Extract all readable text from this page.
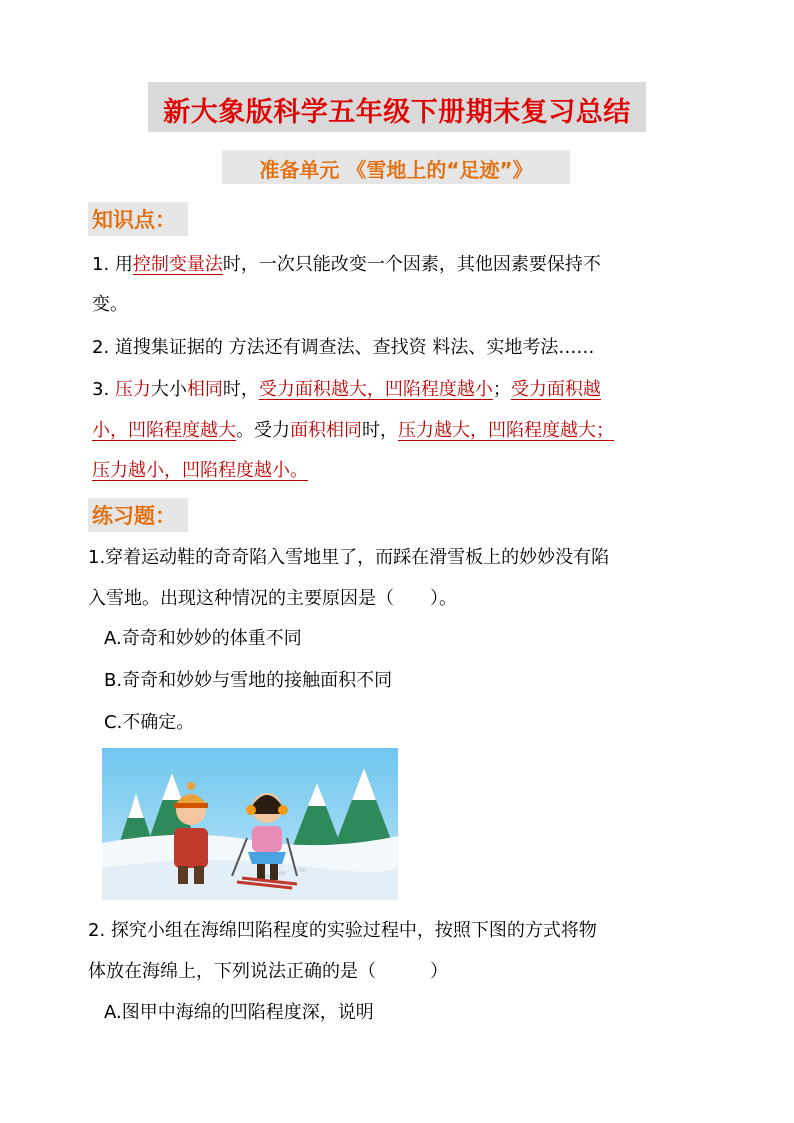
新大象版科学五年级下册期末复习总结
准备单元 《雪地上的“足迹”》
知识点：
1. 用控制变量法时，一次只能改变一个因素，其他因素要保持不
变。
2. 道搜集证据的 方法还有调查法、查找资 料法、实地考法……
3. 压力大小相同时，受力面积越大，凹陷程度越小；受力面积越
小，凹陷程度越大。受力面积相同时，压力越大，凹陷程度越大；
压力越小，凹陷程度越小。
练习题：
1.穿着运动鞋的奇奇陷入雪地里了，而踩在滑雪板上的妙妙没有陷
入雪地。出现这种情况的主要原因是（　　）。
A.奇奇和妙妙的体重不同
B.奇奇和妙妙与雪地的接触面积不同
C.不确定。
2. 探究小组在海绵凹陷程度的实验过程中，按照下图的方式将物
体放在海绵上，下列说法正确的是（　　　）
A.图甲中海绵的凹陷程度深，说明
